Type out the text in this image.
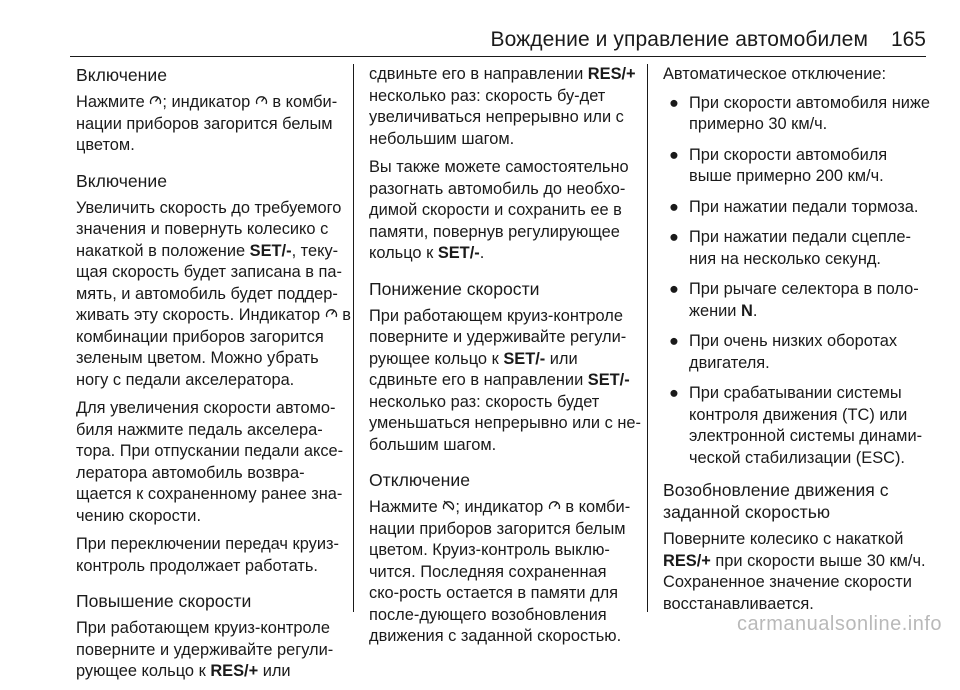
Вождение и управление автомобилем 165
Включение

Нажмите ; индикатор  в комби-нации приборов загорится белым цветом.

Включение

Увеличить скорость до требуемого значения и повернуть колесико с накаткой в положение SET/-, теку-щая скорость будет записана в па-мять, и автомобиль будет поддер-живать эту скорость. Индикатор  в комбинации приборов загорится зеленым цветом. Можно убрать ногу с педали акселератора.

Для увеличения скорости автомо-биля нажмите педаль акселера-тора. При отпускании педали аксе-лератора автомобиль возвра-щается к сохраненному ранее зна-чению скорости.

При переключении передач круиз-контроль продолжает работать.

Повышение скорости

При работающем круиз-контроле поверните и удерживайте регули-рующее кольцо к RES/+ или

сдвиньте его в направлении RES/+ несколько раз: скорость бу-дет увеличиваться непрерывно или с небольшим шагом.

Вы также можете самостоятельно разогнать автомобиль до необхо-димой скорости и сохранить ее в памяти, повернув регулирующее кольцо к SET/-.

Понижение скорости

При работающем круиз-контроле поверните и удерживайте регули-рующее кольцо к SET/- или сдвиньте его в направлении SET/- несколько раз: скорость будет уменьшаться непрерывно или с не-большим шагом.

Отключение

Нажмите ; индикатор  в комби-нации приборов загорится белым цветом. Круиз-контроль выклю-чится. Последняя сохраненная ско-рость остается в памяти для после-дующего возобновления движения с заданной скоростью.

Автоматическое отключение:

● При скорости автомобиля ниже примерно 30 км/ч.
● При скорости автомобиля выше примерно 200 км/ч.
● При нажатии педали тормоза.
● При нажатии педали сцепле-ния на несколько секунд.
● При рычаге селектора в поло-жении N.
● При очень низких оборотах двигателя.
● При срабатывании системы контроля движения (TC) или электронной системы динами-ческой стабилизации (ESC).
Возобновление движения с заданной скоростью

Поверните колесико с накаткой RES/+ при скорости выше 30 км/ч. Сохраненное значение скорости восстанавливается.

carmanualsonline.info
